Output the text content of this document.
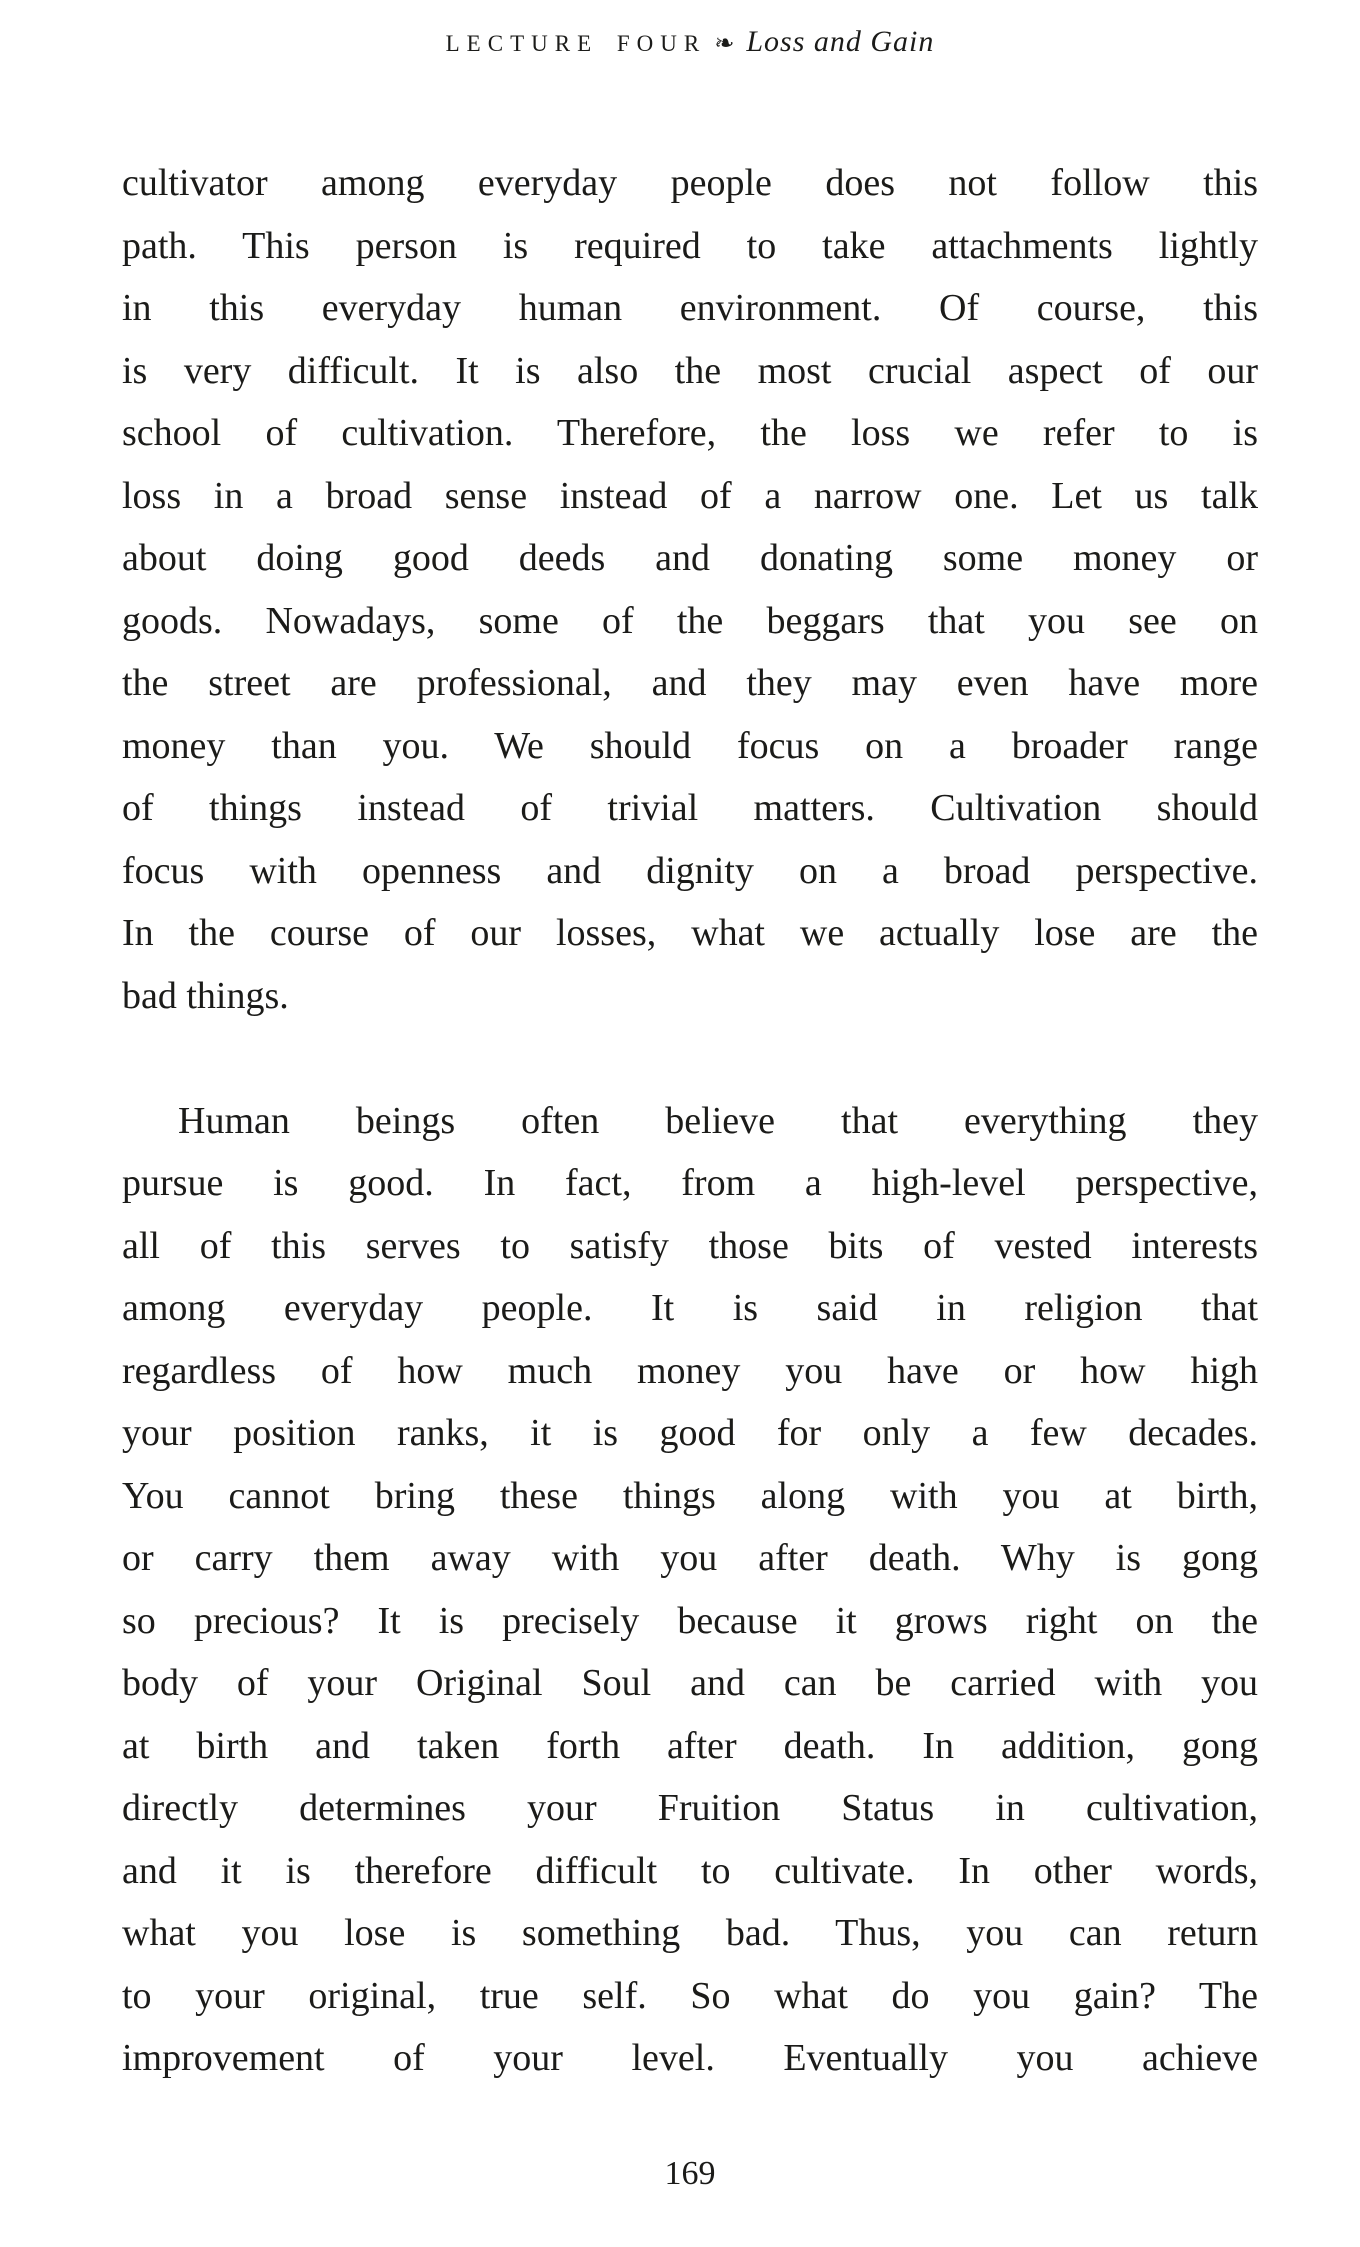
LECTURE FOUR ❧ Loss and Gain
cultivator among everyday people does not follow this
path. This person is required to take attachments lightly
in this everyday human environment. Of course, this
is very difficult. It is also the most crucial aspect of our
school of cultivation. Therefore, the loss we refer to is
loss in a broad sense instead of a narrow one. Let us talk
about doing good deeds and donating some money or
goods. Nowadays, some of the beggars that you see on
the street are professional, and they may even have more
money than you. We should focus on a broader range
of things instead of trivial matters. Cultivation should
focus with openness and dignity on a broad perspective.
In the course of our losses, what we actually lose are the
bad things.
Human beings often believe that everything they
pursue is good. In fact, from a high-level perspective,
all of this serves to satisfy those bits of vested interests
among everyday people. It is said in religion that
regardless of how much money you have or how high
your position ranks, it is good for only a few decades.
You cannot bring these things along with you at birth,
or carry them away with you after death. Why is gong
so precious? It is precisely because it grows right on the
body of your Original Soul and can be carried with you
at birth and taken forth after death. In addition, gong
directly determines your Fruition Status in cultivation,
and it is therefore difficult to cultivate. In other words,
what you lose is something bad. Thus, you can return
to your original, true self. So what do you gain? The
improvement of your level. Eventually you achieve
169
